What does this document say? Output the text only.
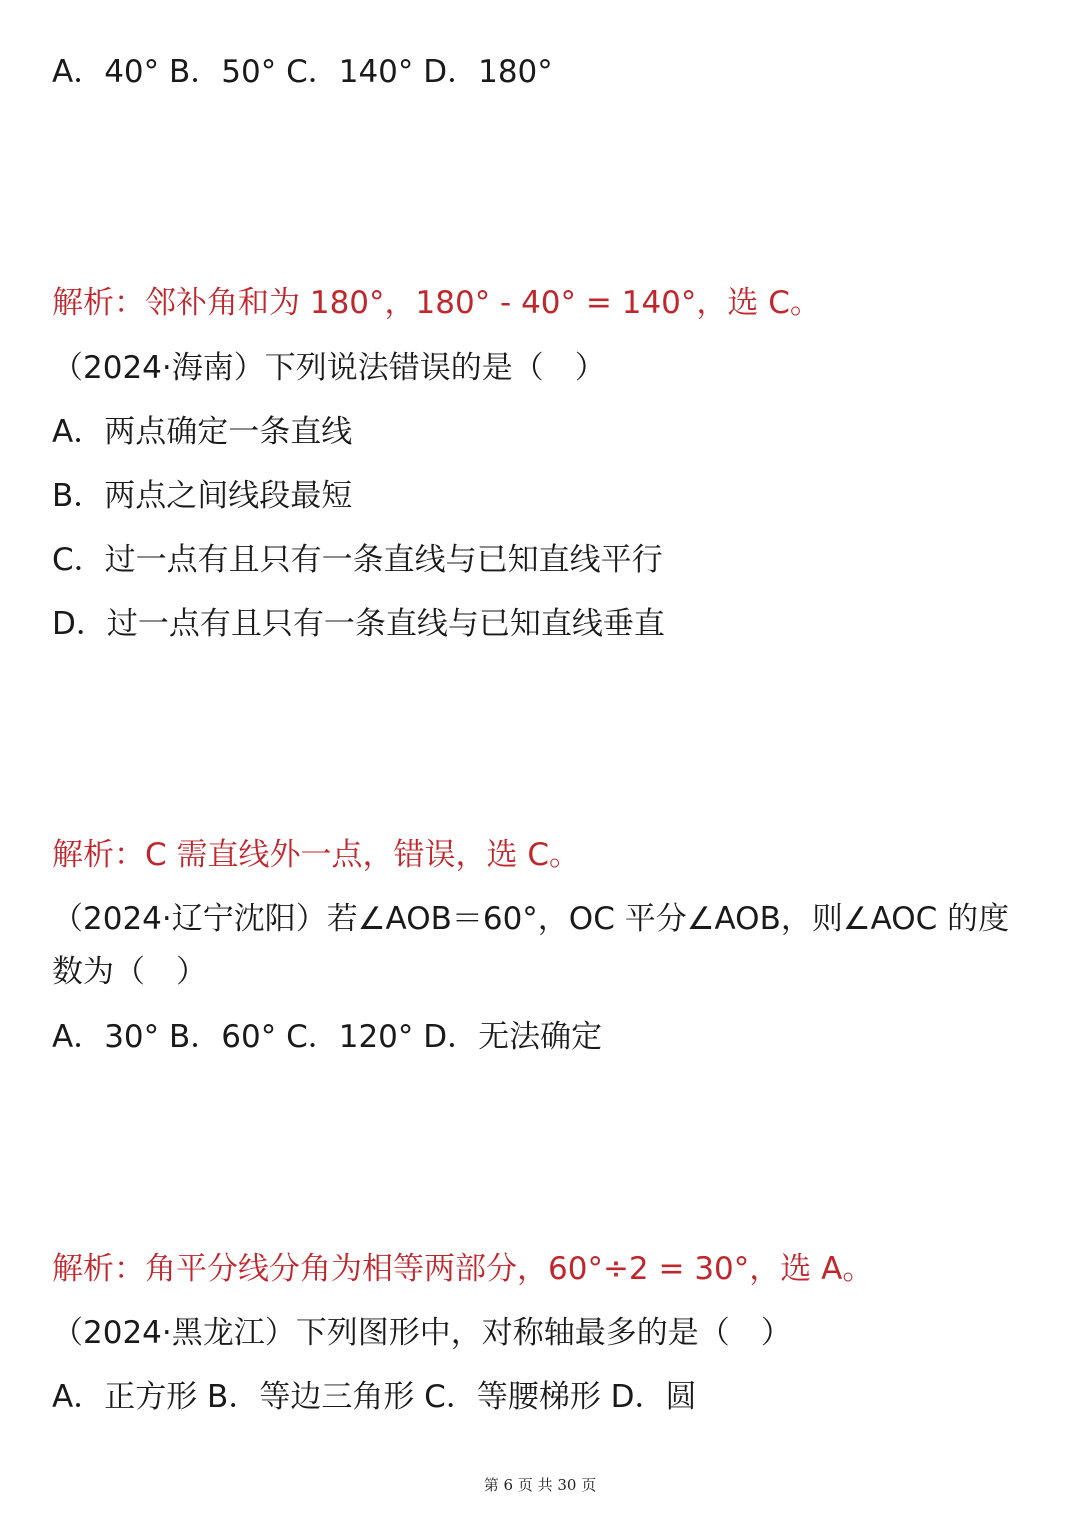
A．40° B．50° C．140° D．180°

解析：邻补角和为 180°，180° - 40° = 140°，选 C。

（2024·海南）下列说法错误的是（　）

A．两点确定一条直线

B．两点之间线段最短

C．过一点有且只有一条直线与已知直线平行

D．过一点有且只有一条直线与已知直线垂直

解析：C 需直线外一点，错误，选 C。

（2024·辽宁沈阳）若∠AOB＝60°，OC 平分∠AOB，则∠AOC 的度数为（　）

A．30° B．60° C．120° D．无法确定

解析：角平分线分角为相等两部分，60°÷2 = 30°，选 A。

（2024·黑龙江）下列图形中，对称轴最多的是（　）

A．正方形 B．等边三角形 C．等腰梯形 D．圆

第 6 页 共 30 页
